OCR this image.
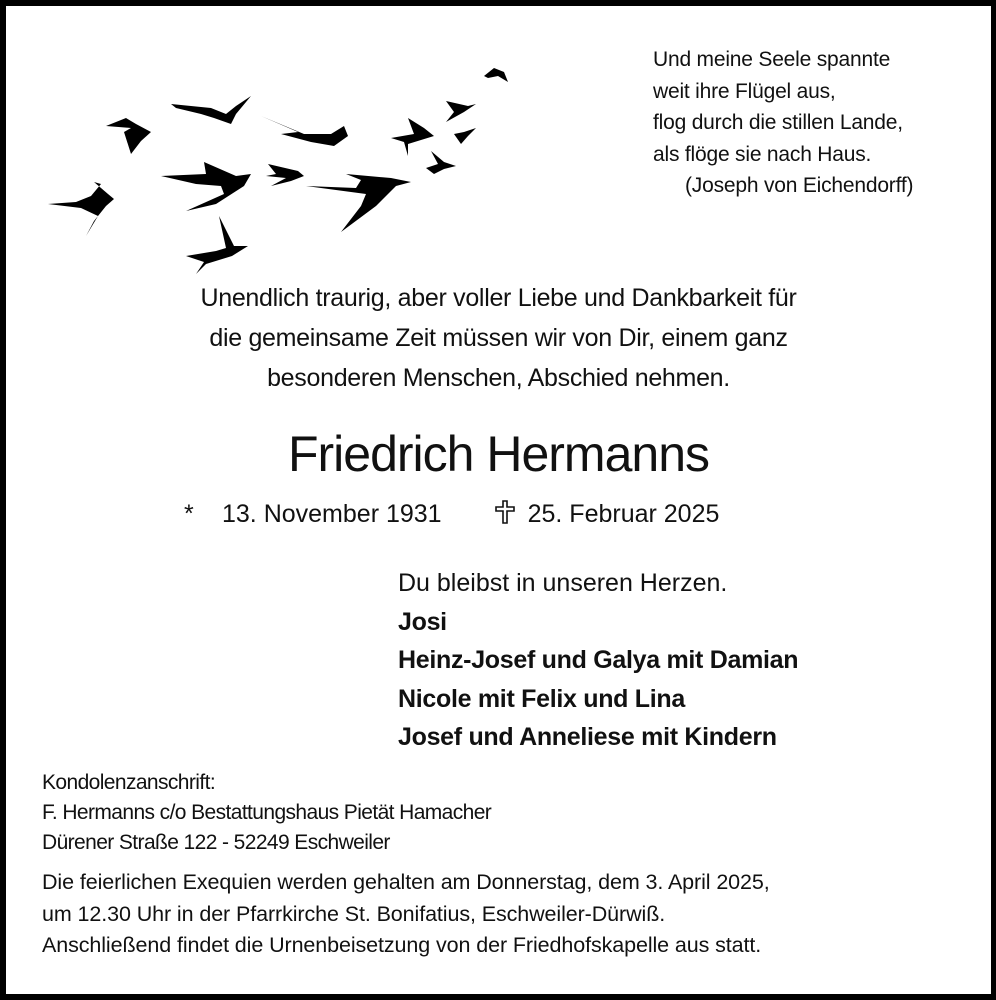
Und meine Seele spannte
weit ihre Flügel aus,
flog durch die stillen Lande,
als flöge sie nach Haus.
(Joseph von Eichendorff)
Unendlich traurig, aber voller Liebe und Dankbarkeit für
die gemeinsame Zeit müssen wir von Dir, einem ganz
besonderen Menschen, Abschied nehmen.
Friedrich Hermanns
* 13. November 1931	25. Februar 2025
Du bleibst in unseren Herzen.
Josi
Heinz-Josef und Galya mit Damian
Nicole mit Felix und Lina
Josef und Anneliese mit Kindern
Kondolenzanschrift:
F. Hermanns c/o Bestattungshaus Pietät Hamacher
Dürener Straße 122 - 52249 Eschweiler
Die feierlichen Exequien werden gehalten am Donnerstag, dem 3. April 2025,
um 12.30 Uhr in der Pfarrkirche St. Bonifatius, Eschweiler-Dürwiß.
Anschließend findet die Urnenbeisetzung von der Friedhofskapelle aus statt.
